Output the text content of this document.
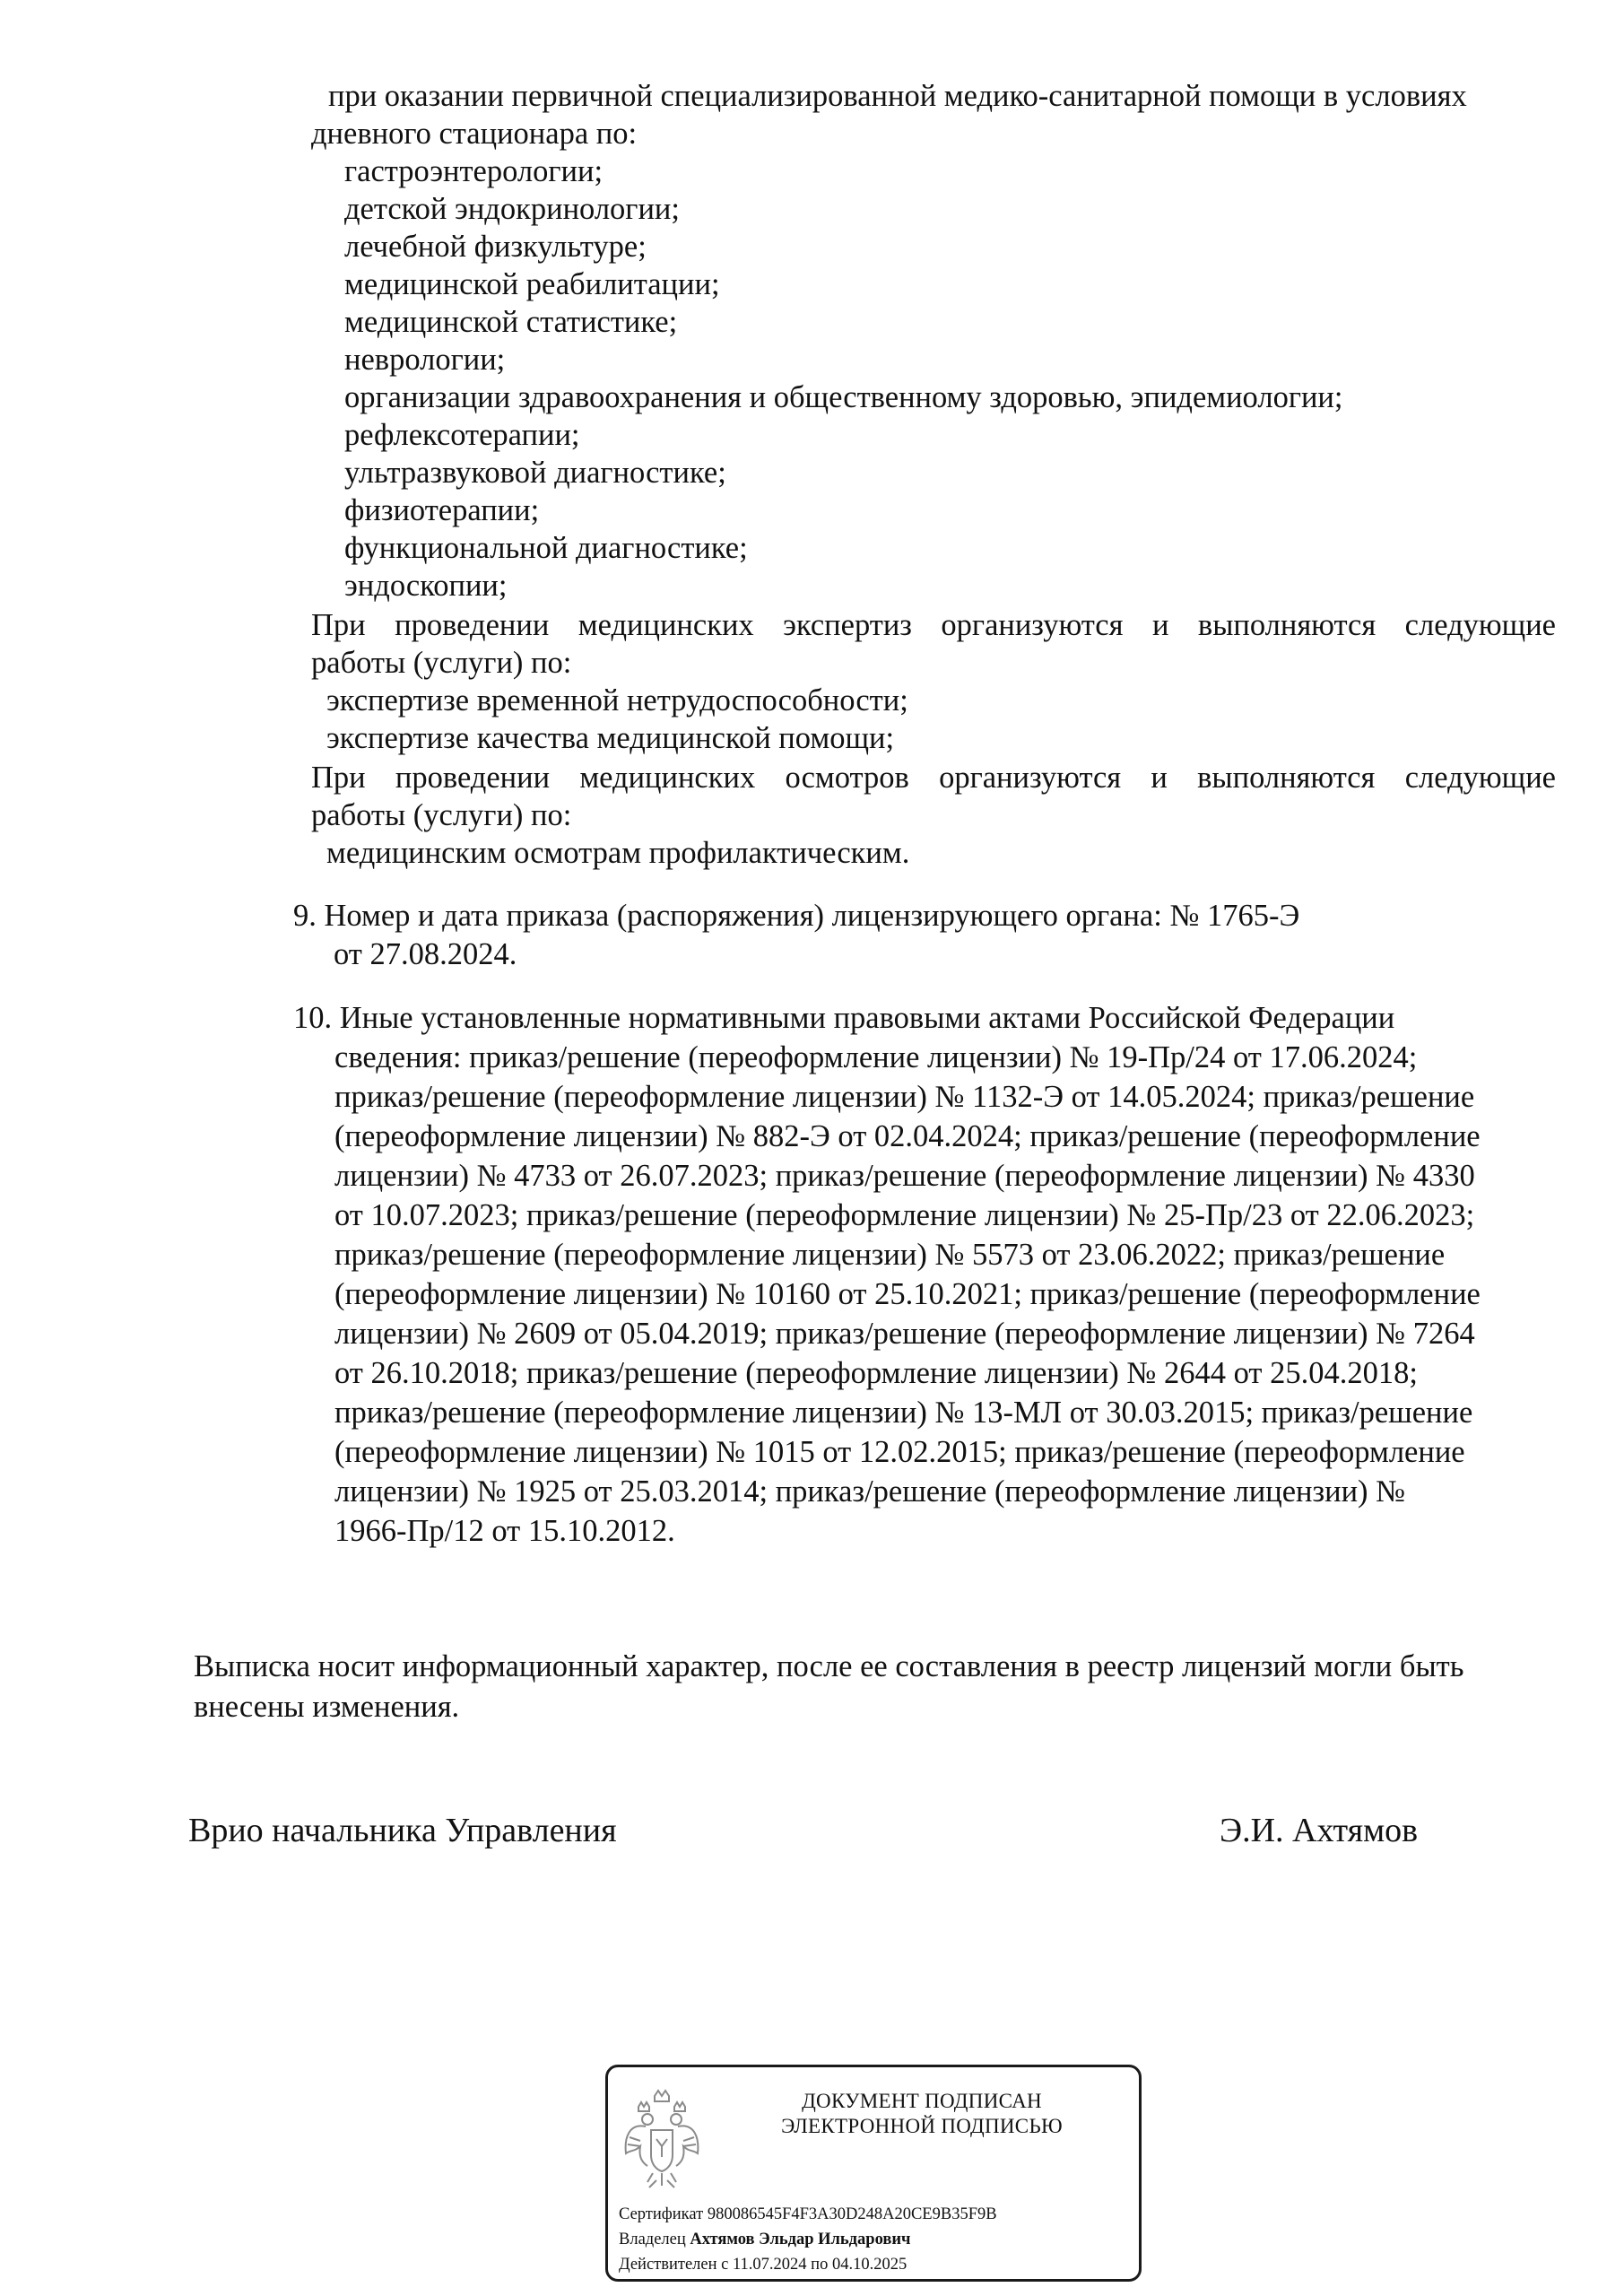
при оказании первичной специализированной медико-санитарной помощи в условиях
дневного стационара по:
гастроэнтерологии;
детской эндокринологии;
лечебной физкультуре;
медицинской реабилитации;
медицинской статистике;
неврологии;
организации здравоохранения и общественному здоровью, эпидемиологии;
рефлексотерапии;
ультразвуковой диагностике;
физиотерапии;
функциональной диагностике;
эндоскопии;
При проведении медицинских экспертиз организуются и выполняются следующие
работы (услуги) по:
экспертизе временной нетрудоспособности;
экспертизе качества медицинской помощи;
При проведении медицинских осмотров организуются и выполняются следующие
работы (услуги) по:
медицинским осмотрам профилактическим.
9. Номер и дата приказа (распоряжения) лицензирующего органа: № 1765-Э
от 27.08.2024.
10. Иные установленные нормативными правовыми актами Российской Федерации
сведения: приказ/решение (переоформление лицензии) № 19-Пр/24 от 17.06.2024;
приказ/решение (переоформление лицензии) № 1132-Э от 14.05.2024; приказ/решение
(переоформление лицензии) № 882-Э от 02.04.2024; приказ/решение (переоформление
лицензии) № 4733 от 26.07.2023; приказ/решение (переоформление лицензии) № 4330
от 10.07.2023; приказ/решение (переоформление лицензии) № 25-Пр/23 от 22.06.2023;
приказ/решение (переоформление лицензии) № 5573 от 23.06.2022; приказ/решение
(переоформление лицензии) № 10160 от 25.10.2021; приказ/решение (переоформление
лицензии) № 2609 от 05.04.2019; приказ/решение (переоформление лицензии) № 7264
от 26.10.2018; приказ/решение (переоформление лицензии) № 2644 от 25.04.2018;
приказ/решение (переоформление лицензии) № 13-МЛ от 30.03.2015; приказ/решение
(переоформление лицензии) № 1015 от 12.02.2015; приказ/решение (переоформление
лицензии) № 1925 от 25.03.2014; приказ/решение (переоформление лицензии) №
1966-Пр/12 от 15.10.2012.
Выписка носит информационный характер, после ее составления в реестр лицензий могли быть
внесены изменения.
Врио начальника Управления	Э.И. Ахтямов
ДОКУМЕНТ ПОДПИСАН
ЭЛЕКТРОННОЙ ПОДПИСЬЮ
Сертификат 980086545F4F3A30D248A20CE9B35F9B
Владелец Ахтямов Эльдар Ильдарович
Действителен с 11.07.2024 по 04.10.2025
